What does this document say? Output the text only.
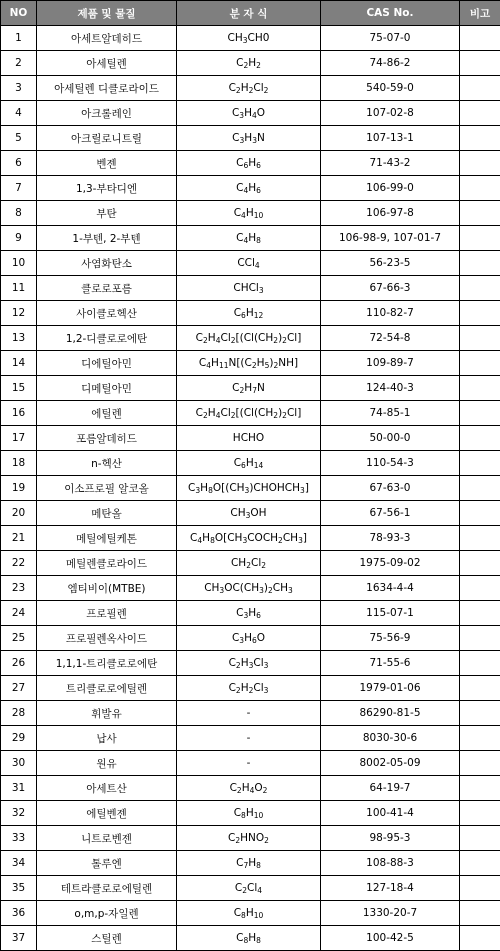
NO	제품 및 물질	분 자 식	CAS No.	비고
1	아세트알데히드	$CH_3CH0$	75-07-0	
2	아세틸렌	$C_2H_2$	74-86-2	
3	아세틸렌 디클로라이드	$C_2H_2Cl_2$	540-59-0	
4	아크롤레인	$C_3H_4O$	107-02-8	
5	아크릴로니트릴	$C_3H_3N$	107-13-1	
6	벤젠	$C_6H_6$	71-43-2	
7	1,3-부타디엔	$C_4H_6$	106-99-0	
8	부탄	$C_4H_{10}$	106-97-8	
9	1-부텐, 2-부텐	$C_4H_8$	106-98-9, 107-01-7	
10	사염화탄소	CCl$_4$	56-23-5	
11	클로로포름	CHCl$_3$	67-66-3	
12	사이클로헥산	$C_6H_{12}$	110-82-7	
13	1,2-디클로로에탄	$C_2H_4Cl_2[(Cl(CH_2)_2Cl]$	72-54-8	
14	디에틸아민	$C_4H_{11}N[(C_2H_5)_2NH]$	109-89-7	
15	디메틸아민	$C_2H_7N$	124-40-3	
16	에틸렌	$C_2H_4Cl_2[(Cl(CH_2)_2Cl]$	74-85-1	
17	포름알데히드	HCHO	50-00-0	
18	n-헥산	$C_6H_{14}$	110-54-3	
19	이소프로필 알코올	$C_3H_8O[(CH_3)CHOHCH_3]$	67-63-0	
20	메탄올	$CH_3OH$	67-56-1	
21	메틸에틸케톤	$C_4H_8O[CH_3COCH_2CH_3]$	78-93-3	
22	메틸렌클로라이드	$CH_2Cl_2$	1975-09-02	
23	엠티비이(MTBE)	$CH_3OC(CH_3)_2CH_3$	1634-4-4	
24	프로필렌	$C_3H_6$	115-07-1	
25	프로필렌옥사이드	$C_3H_6O$	75-56-9	
26	1,1,1-트리클로로에탄	$C_2H_3Cl_3$	71-55-6	
27	트리클로로에틸렌	$C_2H_2Cl_3$	1979-01-06	
28	휘발유	-	86290-81-5	
29	납사	-	8030-30-6	
30	원유	-	8002-05-09	
31	아세트산	$C_2H_4O_2$	64-19-7	
32	에틸벤젠	$C_8H_{10}$	100-41-4	
33	니트로벤젠	$C_2HNO_2$	98-95-3	
34	톨루엔	$C_7H_8$	108-88-3	
35	테트라클로로에틸렌	$C_2Cl_4$	127-18-4	
36	o,m,p-자일렌	$C_8H_{10}$	1330-20-7	
37	스틸렌	$C_8H_8$	100-42-5	
